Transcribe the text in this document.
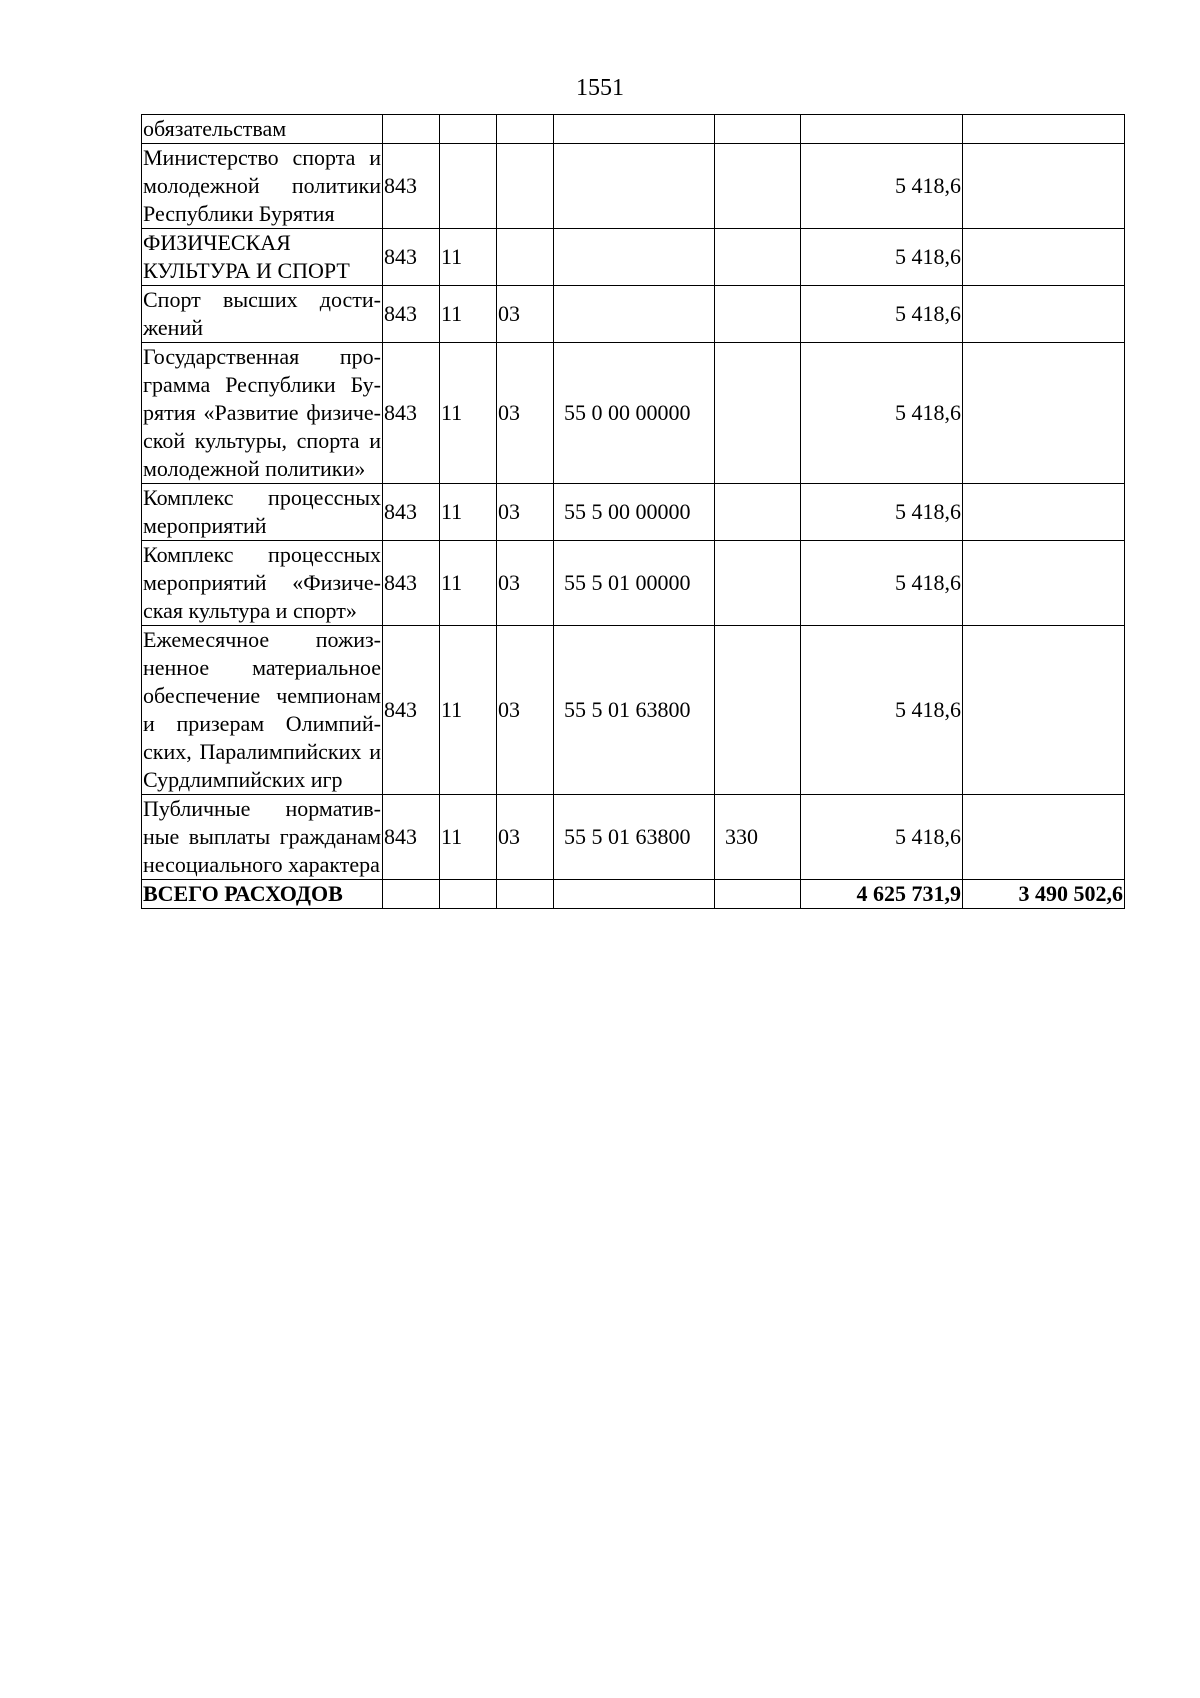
1551
обязательствам							
Министерство спорта и молодежной политики Республики Бурятия	843					5 418,6	
ФИЗИЧЕСКАЯ КУЛЬТУРА И СПОРТ	843	11				5 418,6	
Спорт высших дости-жений	843	11	03			5 418,6	
Государственная про-грамма Республики Бу-рятия «Развитие физиче-ской культуры, спорта и молодежной политики»	843	11	03	55 0 00 00000		5 418,6	
Комплекс процессных мероприятий	843	11	03	55 5 00 00000		5 418,6	
Комплекс процессных мероприятий «Физиче-ская культура и спорт»	843	11	03	55 5 01 00000		5 418,6	
Ежемесячное пожиз-ненное материальное обеспечение чемпионам и призерам Олимпий-ских, Паралимпийских и Сурдлимпийских игр	843	11	03	55 5 01 63800		5 418,6	
Публичные норматив-ные выплаты гражданам несоциального характера	843	11	03	55 5 01 63800	330	5 418,6	
ВСЕГО РАСХОДОВ						4 625 731,9	3 490 502,6
